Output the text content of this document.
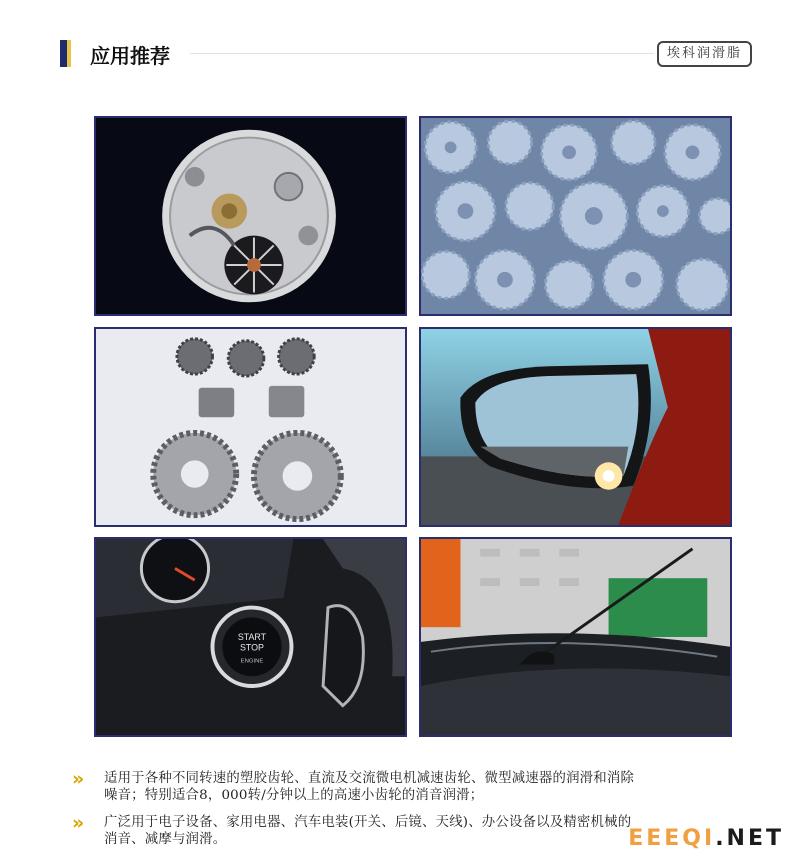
应用推荐	埃科润滑脂
START
STOP
ENGINE
» 适用于各种不同转速的塑胶齿轮、直流及交流微电机减速齿轮、微型减速器的润滑和消除
噪音；特别适合8，000转/分钟以上的高速小齿轮的消音润滑；
» 广泛用于电子设备、家用电器、汽车电装(开关、后镜、天线)、办公设备以及精密机械的
消音、减摩与润滑。	EEEQI.NET
